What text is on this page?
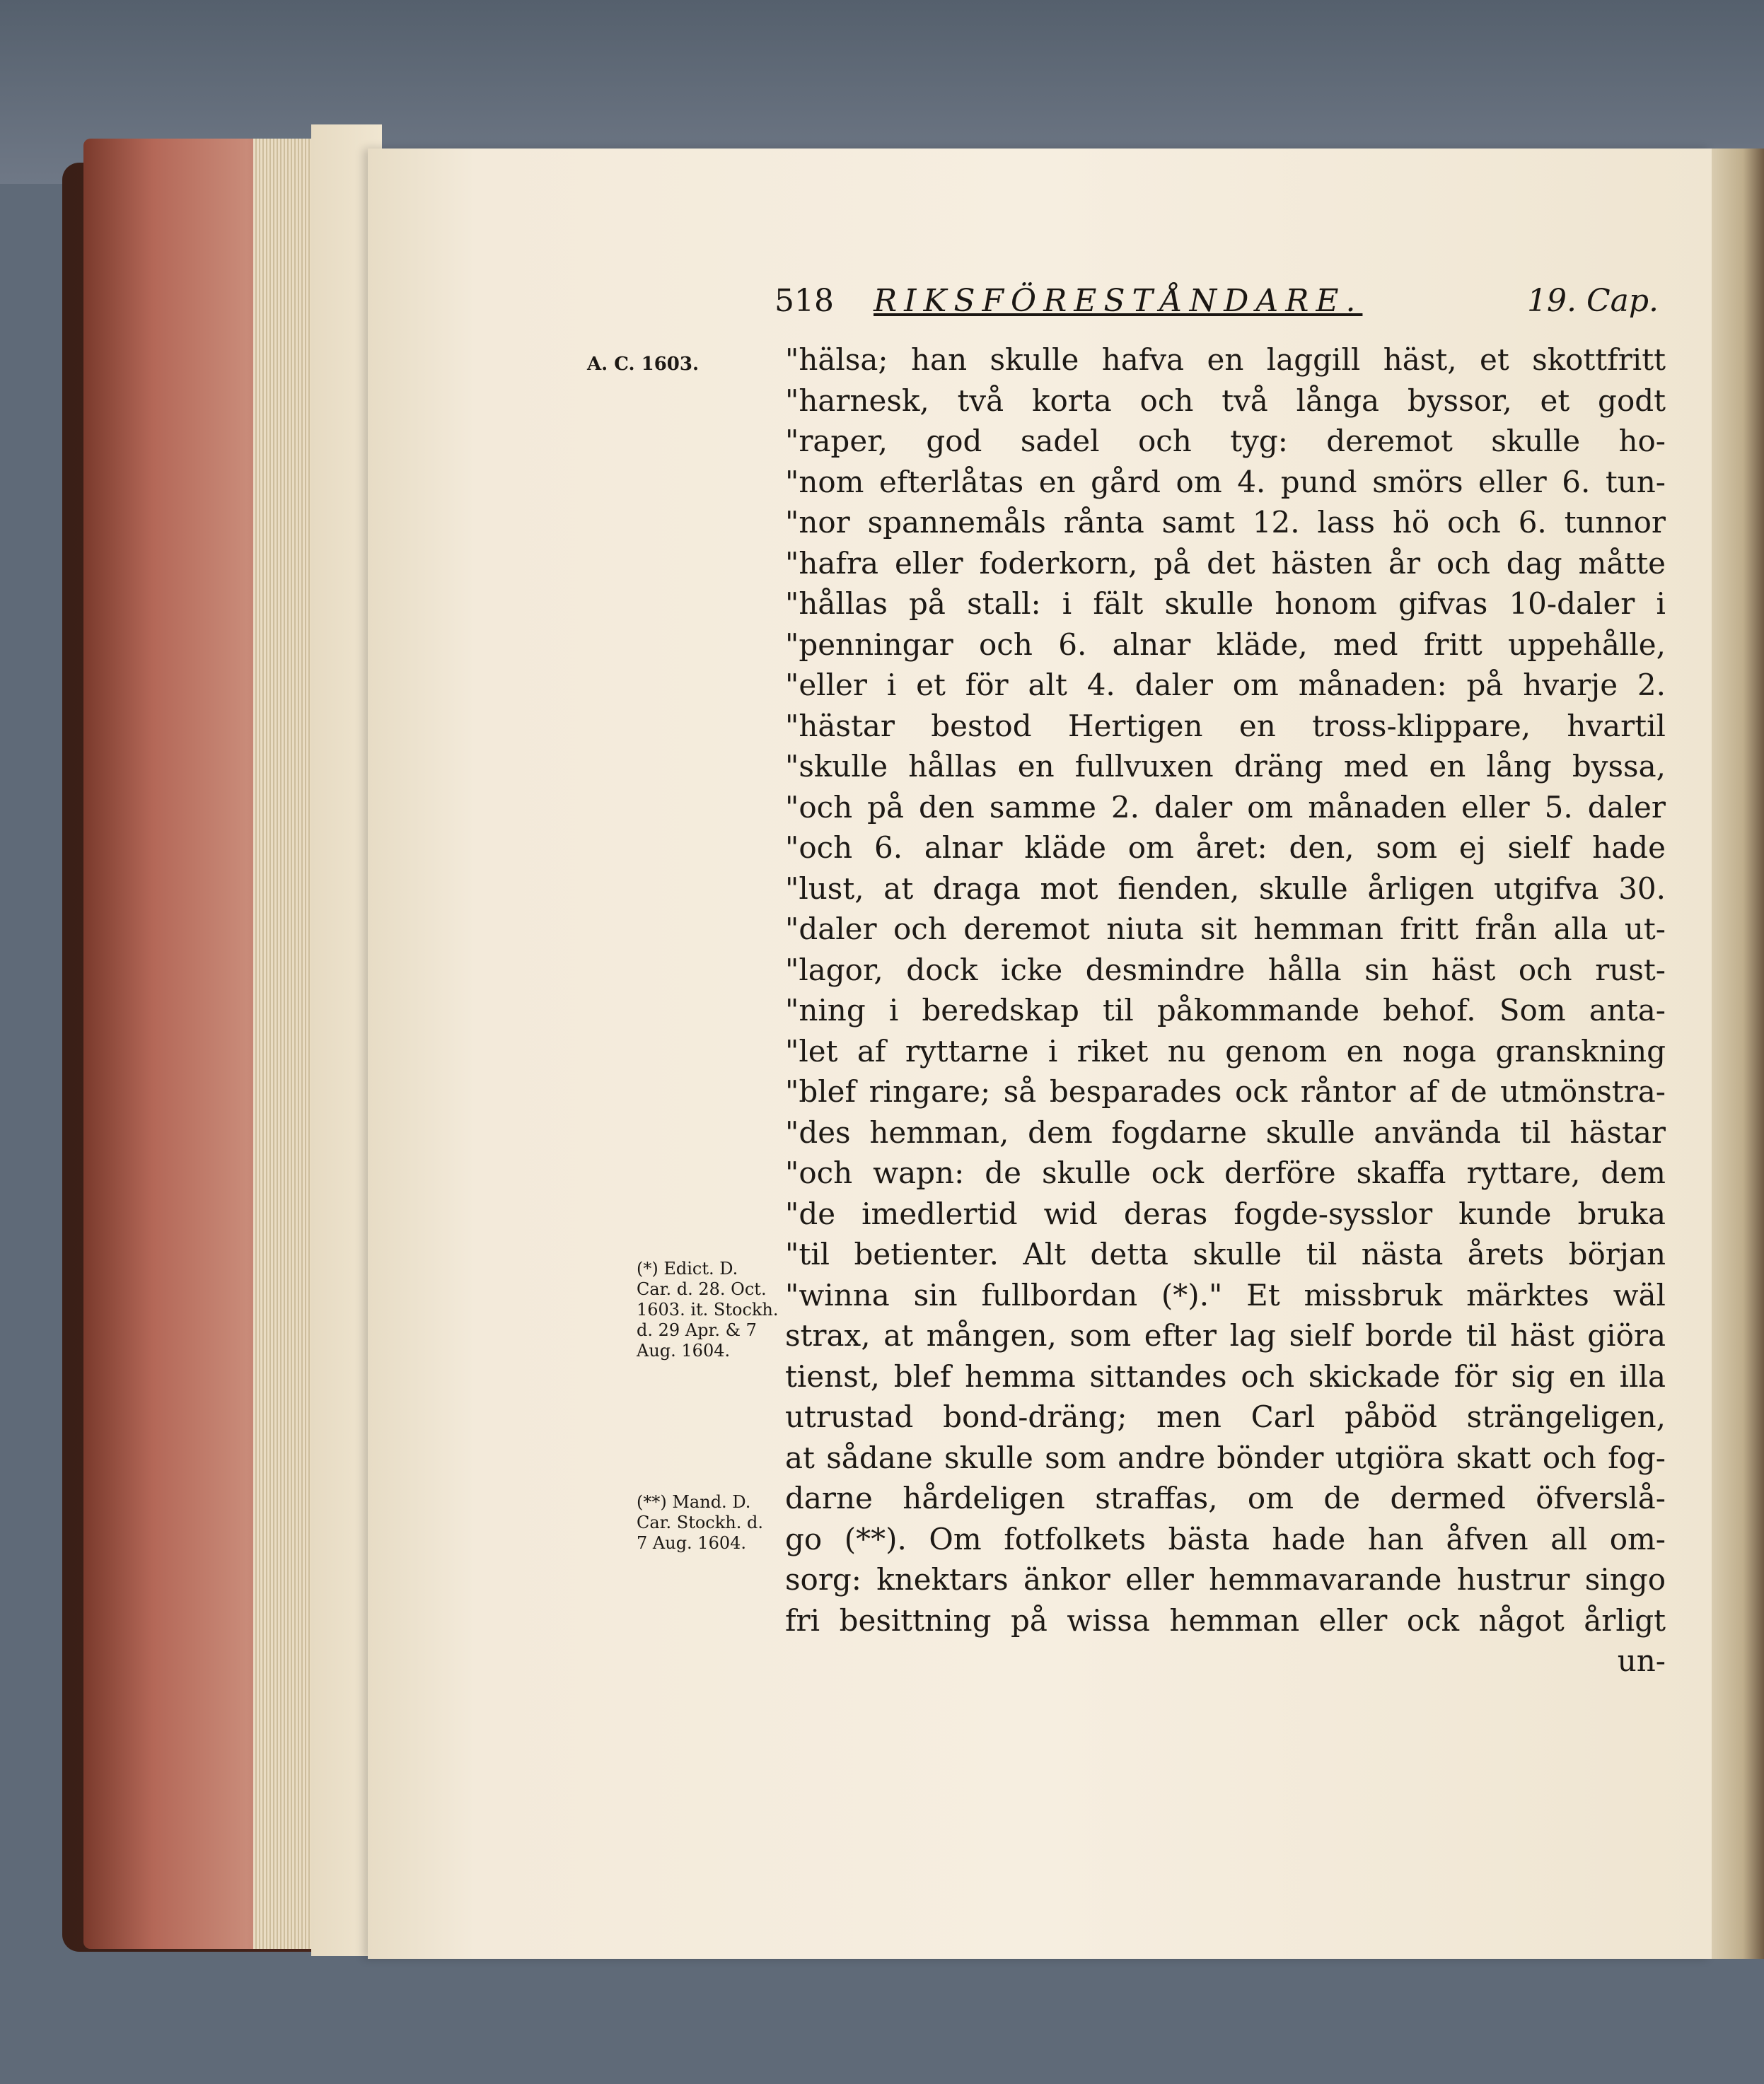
518 RIKSFÖRESTÅNDARE.	19. Cap.
A. C. 1603.	"hälsa; han skulle hafva en laggill häst, et skottfritt
"harnesk, två korta och två långa byssor, et godt
"raper, god sadel och tyg: deremot skulle ho-
"nom efterlåtas en gård om 4. pund smörs eller 6. tun-
"nor spannemåls rånta samt 12. lass hö och 6. tunnor
"hafra eller foderkorn, på det hästen år och dag måtte
"hållas på stall: i fält skulle honom gifvas 10-daler i
"penningar och 6. alnar kläde, med fritt uppehålle,
"eller i et för alt 4. daler om månaden: på hvarje 2.
"hästar bestod Hertigen en tross-klippare, hvartil
"skulle hållas en fullvuxen dräng med en lång byssa,
"och på den samme 2. daler om månaden eller 5. daler
"och 6. alnar kläde om året: den, som ej sielf hade
"lust, at draga mot fienden, skulle årligen utgifva 30.
"daler och deremot niuta sit hemman fritt från alla ut-
"lagor, dock icke desmindre hålla sin häst och rust-
"ning i beredskap til påkommande behof. Som anta-
"let af ryttarne i riket nu genom en noga granskning
"blef ringare; så besparades ock råntor af de utmönstra-
"des hemman, dem fogdarne skulle använda til hästar
"och wapn: de skulle ock derföre skaffa ryttare, dem
"de imedlertid wid deras fogde-sysslor kunde bruka
"til betienter. Alt detta skulle til nästa årets början
"winna sin fullbordan (*)." Et missbruk märktes wäl
strax, at mången, som efter lag sielf borde til häst giöra
tienst, blef hemma sittandes och skickade för sig en illa
utrustad bond-dräng; men Carl påböd strängeligen,
at sådane skulle som andre bönder utgiöra skatt och fog-
darne hårdeligen straffas, om de dermed öfverslå-
go (**). Om fotfolkets bästa hade han åfven all om-
sorg: knektars änkor eller hemmavarande hustrur singo
fri besittning på wissa hemman eller ock något årligt
un-
(*) Edict. D.
Car. d. 28. Oct.
1603. it. Stockh.
d. 29 Apr. & 7
Aug. 1604.
(**) Mand. D.
Car. Stockh. d.
7 Aug. 1604.
